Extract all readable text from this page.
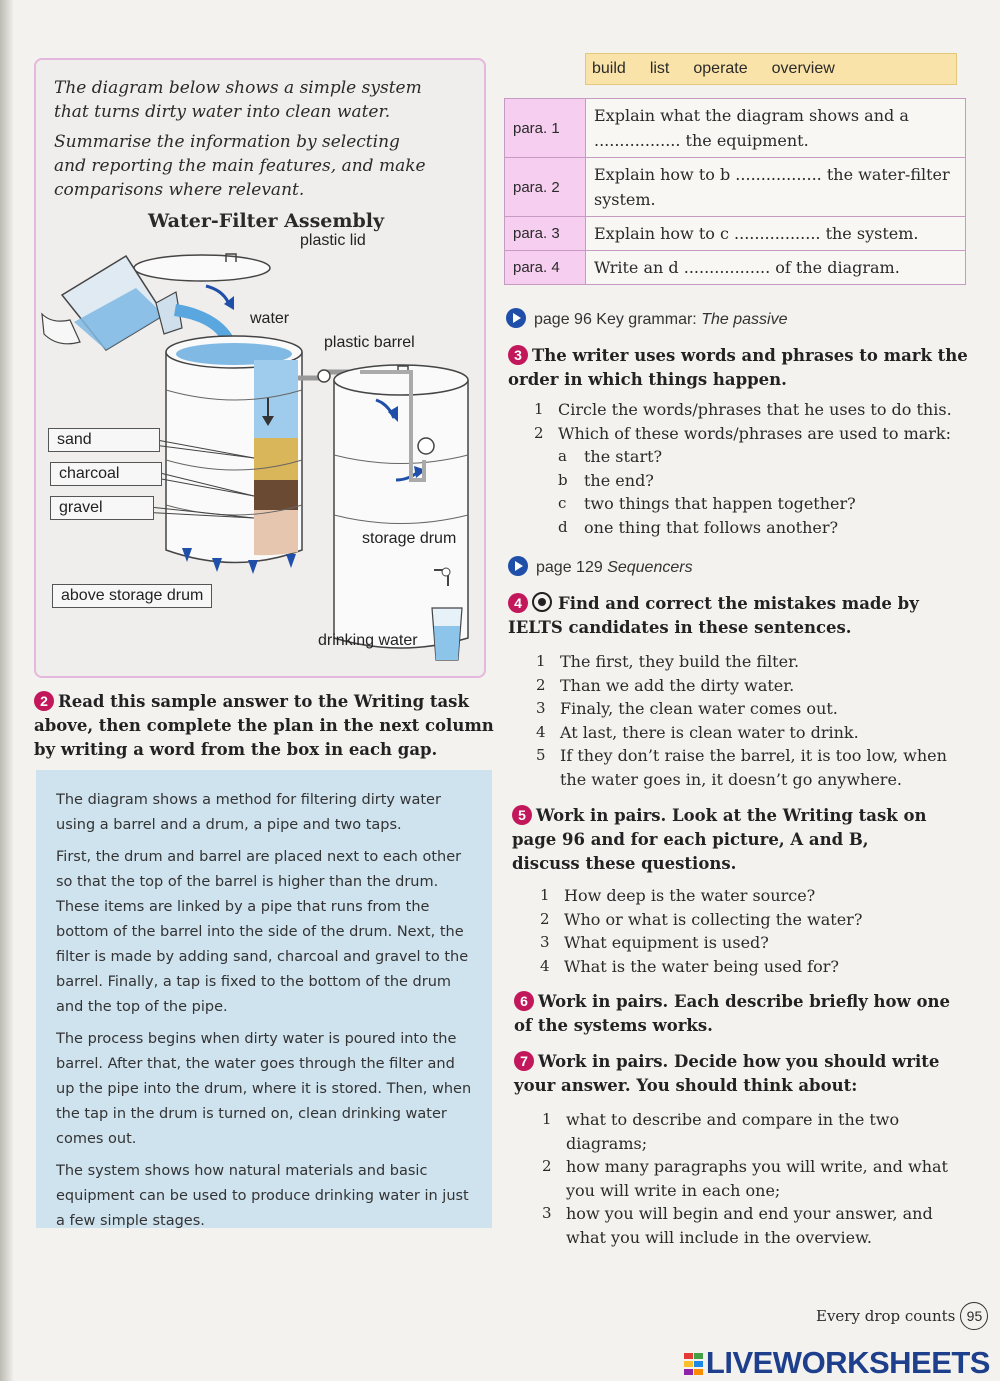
The diagram below shows a simple system that turns dirty water into clean water.

Summarise the information by selecting and reporting the main features, and make comparisons where relevant.

Water-Filter Assembly
plastic lid
water
plastic barrel
sand
charcoal
gravel
storage drum
above storage drum
drinking water
2 Read this sample answer to the Writing task above, then complete the plan in the next column by writing a word from the box in each gap.

The diagram shows a method for filtering dirty water using a barrel and a drum, a pipe and two taps.

First, the drum and barrel are placed next to each other so that the top of the barrel is higher than the drum. These items are linked by a pipe that runs from the bottom of the barrel into the side of the drum. Next, the filter is made by adding sand, charcoal and gravel to the barrel. Finally, a tap is fixed to the bottom of the drum and the top of the pipe.

The process begins when dirty water is poured into the barrel. After that, the water goes through the filter and up the pipe into the drum, where it is stored. Then, when the tap in the drum is turned on, clean drinking water comes out.

The system shows how natural materials and basic equipment can be used to produce drinking water in just a few simple stages.

build list operate overview
para. 1	Explain what the diagram shows and a ................. the equipment.
para. 2	Explain how to b ................. the water-filter system.
para. 3	Explain how to c ................. the system.
para. 4	Write an d ................. of the diagram.
page 96 Key grammar: The passive
3 The writer uses words and phrases to mark the order in which things happen.
1 Circle the words/phrases that he uses to do this.
2 Which of these words/phrases are used to mark:
a the start?
b the end?
c two things that happen together?
d one thing that follows another?
page 129 Sequencers
4 Find and correct the mistakes made by IELTS candidates in these sentences.
1 The first, they build the filter.
2 Than we add the dirty water.
3 Finaly, the clean water comes out.
4 At last, there is clean water to drink.
5 If they don’t raise the barrel, it is too low, when the water goes in, it doesn’t go anywhere.
5 Work in pairs. Look at the Writing task on page 96 and for each picture, A and B, discuss these questions.
1 How deep is the water source?
2 Who or what is collecting the water?
3 What equipment is used?
4 What is the water being used for?
6 Work in pairs. Each describe briefly how one of the systems works.
7 Work in pairs. Decide how you should write your answer. You should think about:
1 what to describe and compare in the two diagrams;
2 how many paragraphs you will write, and what you will write in each one;
3 how you will begin and end your answer, and what you will include in the overview.
Every drop counts 95
LIVEWORKSHEETS
